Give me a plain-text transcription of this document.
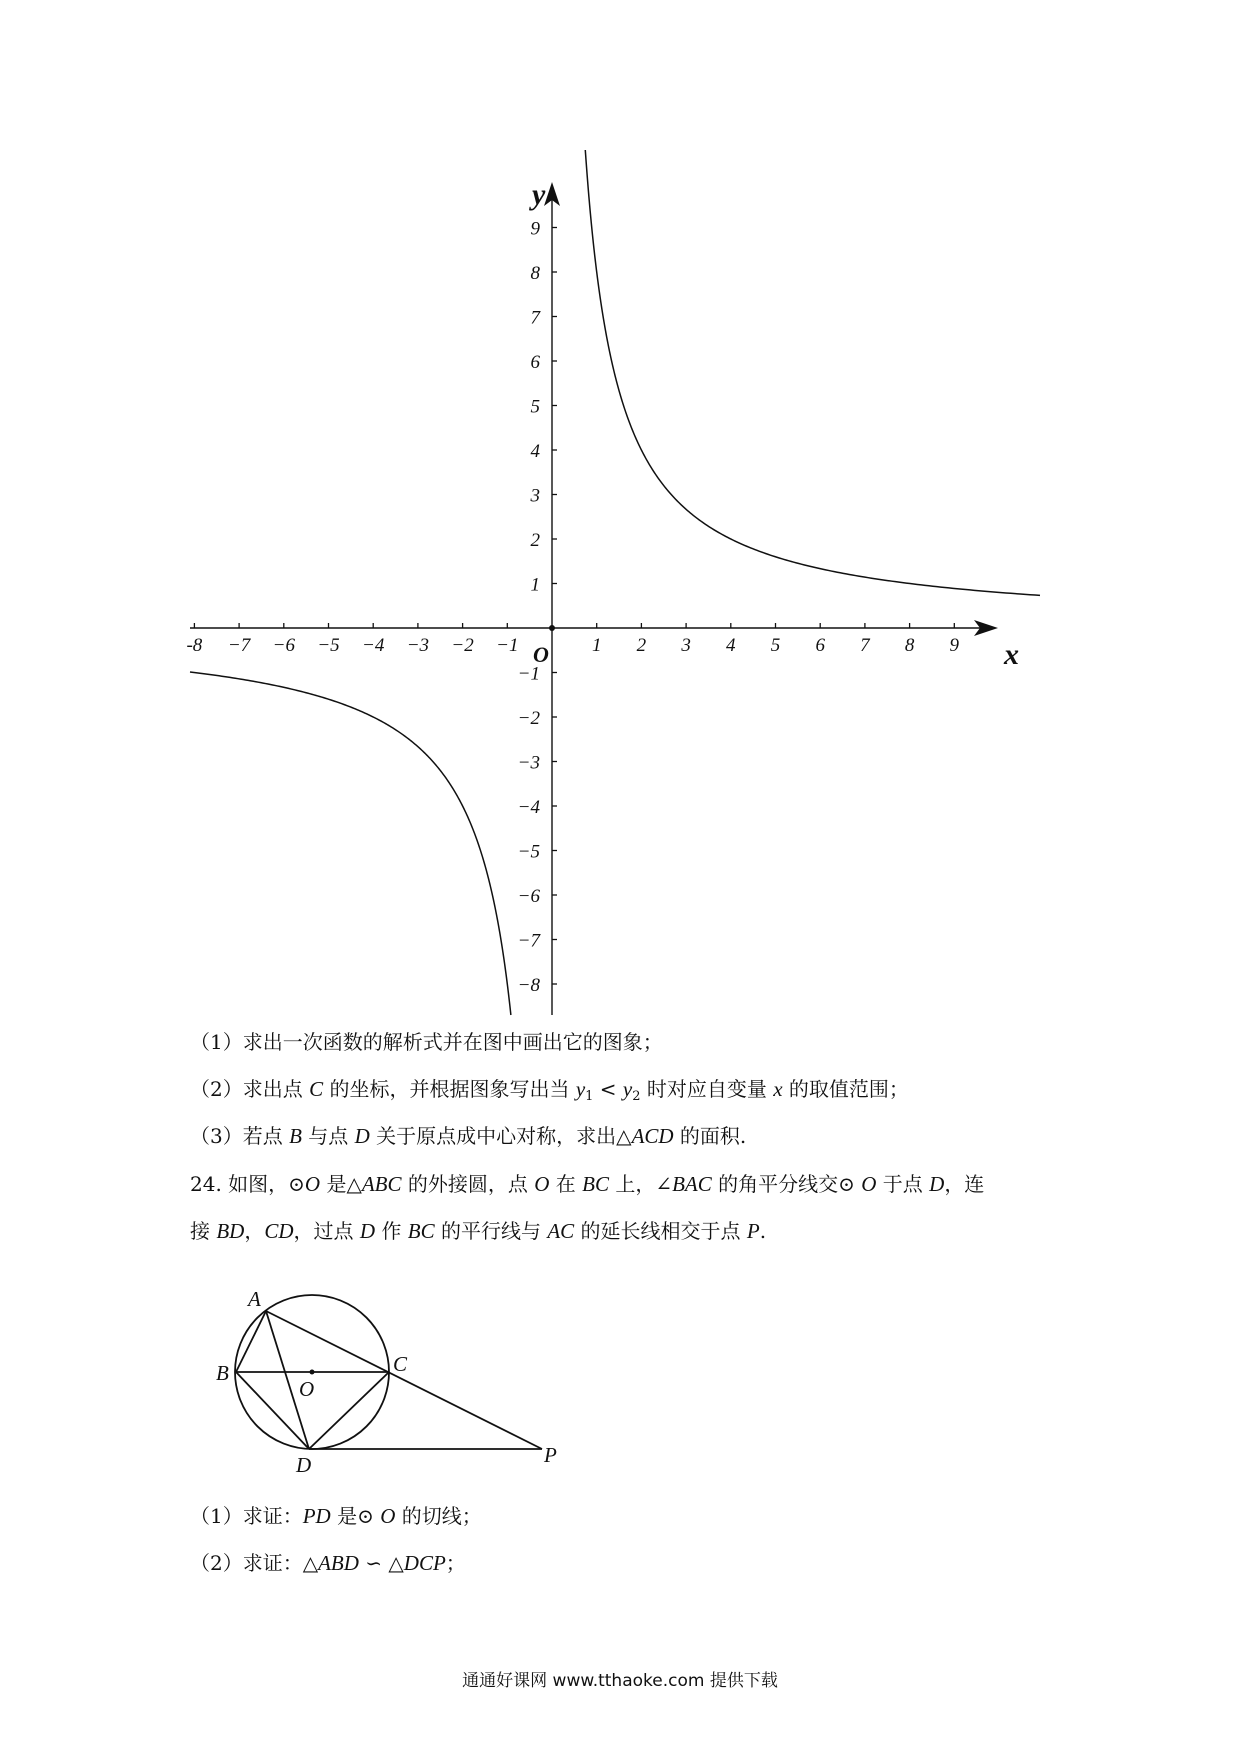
-8 −7 −6 −5 −4 −3 −2 −1	1 2 3 4 5 6 7 8 9
9
8
7
6
5
4
3
2
1
−1
−2
−3
−4
−5
−6
−7
−8
x
y
O
（1）求出一次函数的解析式并在图中画出它的图象；
（2）求出点 C 的坐标，并根据图象写出当 $y_1 < y_2$ 时对应自变量 x 的取值范围；
（3）若点 B 与点 D 关于原点成中心对称，求出△ACD 的面积.
24. 如图，⊙O 是△ABC 的外接圆，点 O 在 BC 上，∠BAC 的角平分线交⊙ O 于点 D，连
接 BD，CD，过点 D 作 BC 的平行线与 AC 的延长线相交于点 P.
A
B	C
O
D	P
（1）求证：PD 是⊙ O 的切线；
（2）求证：△ABD ∽ △DCP；
通通好课网 www.tthaoke.com 提供下载
